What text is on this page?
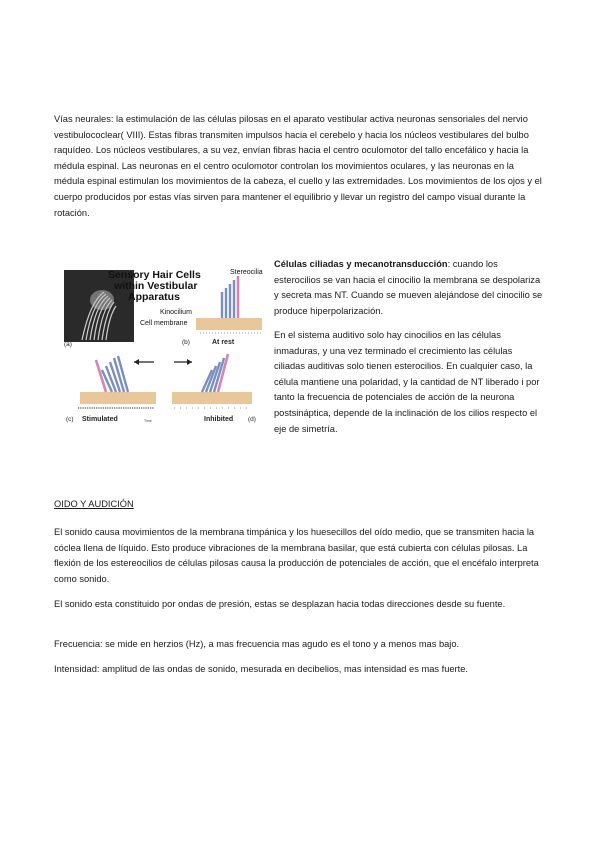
Vías neurales: la estimulación de las células pilosas en el aparato vestibular activa neuronas sensoriales del nervio vestibulococlear( VIII). Estas fibras transmiten impulsos hacia el cerebelo y hacia los núcleos vestibulares del bulbo raquídeo. Los núcleos vestibulares, a su vez, envían fibras hacia el centro oculomotor del tallo encefálico y hacia la médula espinal. Las neuronas en el centro oculomotor controlan los movimientos oculares, y las neuronas en la médula espinal estimulan los movimientos de la cabeza, el cuello y las extremidades. Los movimientos de los ojos y el cuerpo producidos por estas vías sirven para mantener el equilibrio y llevar un registro del campo visual durante la rotación.

(a)
Sensory Hair Cells
within Vestibular
Apparatus
Stereocilia
Kinocilium
Cell membrane
(b)	At rest
(c) Stimulated	Inhibited (d)
Time

Células ciliadas y mecanotransducción: cuando los esterocilios se van hacia el cinocilio la membrana se despolariza y secreta mas NT. Cuando se mueven alejándose del cinocilio se produce hiperpolarización.

En el sistema auditivo solo hay cinocilios en las células inmaduras, y una vez terminado el crecimiento las células ciliadas auditivas solo tienen esterocilios. En cualquier caso, la célula mantiene una polaridad, y la cantidad de NT liberado i por tanto la frecuencia de potenciales de acción de la neurona postsináptica, depende de la inclinación de los cilios respecto el eje de simetría.

OIDO Y AUDICIÓN

El sonido causa movimientos de la membrana timpánica y los huesecillos del oído medio, que se transmiten hacia la cóclea llena de líquido. Esto produce vibraciones de la membrana basilar, que está cubierta con células pilosas. La flexión de los estereocilios de células pilosas causa la producción de potenciales de acción, que el encéfalo interpreta como sonido.

El sonido esta constituido por ondas de presión, estas se desplazan hacia todas direcciones desde su fuente.

Frecuencia: se mide en herzios (Hz), a mas frecuencia mas agudo es el tono y a menos mas bajo.

Intensidad: amplitud de las ondas de sonido, mesurada en decibelios, mas intensidad es mas fuerte.
